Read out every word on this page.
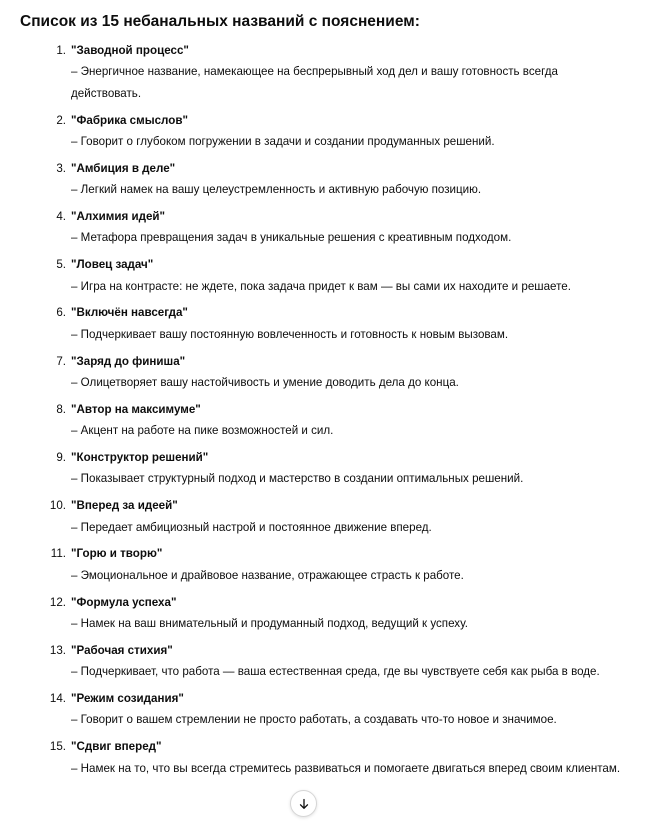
Список из 15 небанальных названий с пояснением:
1. "Заводной процесс"
– Энергичное название, намекающее на беспрерывный ход дел и вашу готовность всегда действовать.
2. "Фабрика смыслов"
– Говорит о глубоком погружении в задачи и создании продуманных решений.
3. "Амбиция в деле"
– Легкий намек на вашу целеустремленность и активную рабочую позицию.
4. "Алхимия идей"
– Метафора превращения задач в уникальные решения с креативным подходом.
5. "Ловец задач"
– Игра на контрасте: не ждете, пока задача придет к вам — вы сами их находите и решаете.
6. "Включён навсегда"
– Подчеркивает вашу постоянную вовлеченность и готовность к новым вызовам.
7. "Заряд до финиша"
– Олицетворяет вашу настойчивость и умение доводить дела до конца.
8. "Автор на максимуме"
– Акцент на работе на пике возможностей и сил.
9. "Конструктор решений"
– Показывает структурный подход и мастерство в создании оптимальных решений.
10. "Вперед за идеей"
– Передает амбициозный настрой и постоянное движение вперед.
11. "Горю и творю"
– Эмоциональное и драйвовое название, отражающее страсть к работе.
12. "Формула успеха"
– Намек на ваш внимательный и продуманный подход, ведущий к успеху.
13. "Рабочая стихия"
– Подчеркивает, что работа — ваша естественная среда, где вы чувствуете себя как рыба в воде.
14. "Режим созидания"
– Говорит о вашем стремлении не просто работать, а создавать что-то новое и значимое.
15. "Сдвиг вперед"
– Намек на то, что вы всегда стремитесь развиваться и помогаете двигаться вперед своим клиентам.
